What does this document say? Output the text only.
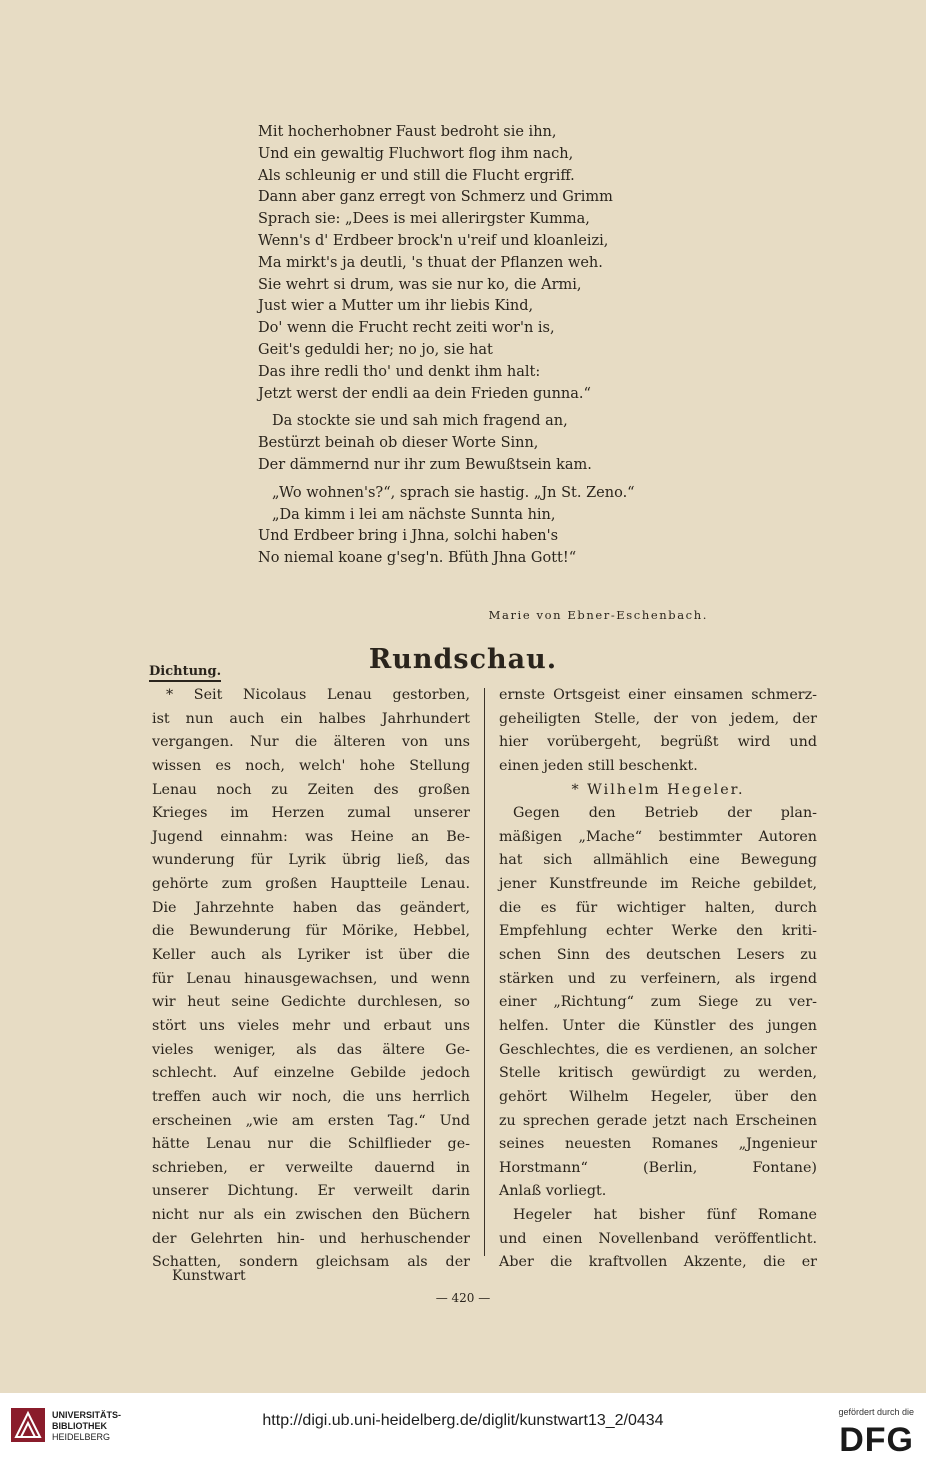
Mit hocherhobner Faust bedroht sie ihn,
Und ein gewaltig Fluchwort flog ihm nach,
Als schleunig er und still die Flucht ergriff.
Dann aber ganz erregt von Schmerz und Grimm
Sprach sie: „Dees is mei allerirgster Kumma,
Wenn's d' Erdbeer brock'n u'reif und kloanleizi,
Ma mirkt's ja deutli, 's thuat der Pflanzen weh.
Sie wehrt si drum, was sie nur ko, die Armi,
Just wier a Mutter um ihr liebis Kind,
Do' wenn die Frucht recht zeiti wor'n is,
Geit's geduldi her; no jo, sie hat
Das ihre redli tho' und denkt ihm halt:
Jetzt werst der endli aa dein Frieden gunna.“
Da stockte sie und sah mich fragend an,
Bestürzt beinah ob dieser Worte Sinn,
Der dämmernd nur ihr zum Bewußtsein kam.
„Wo wohnen's?“, sprach sie hastig. „Jn St. Zeno.“
„Da kimm i lei am nächste Sunnta hin,
Und Erdbeer bring i Jhna, solchi haben's
No niemal koane g'seg'n. Bfüth Jhna Gott!“
Marie von Ebner-Eschenbach.
Dichtung.	Rundschau.
* Seit Nicolaus Lenau gestorben,
ist nun auch ein halbes Jahrhundert
vergangen. Nur die älteren von uns
wissen es noch, welch' hohe Stellung
Lenau noch zu Zeiten des großen
Krieges im Herzen zumal unserer
Jugend einnahm: was Heine an Be-
wunderung für Lyrik übrig ließ, das
gehörte zum großen Hauptteile Lenau.
Die Jahrzehnte haben das geändert,
die Bewunderung für Mörike, Hebbel,
Keller auch als Lyriker ist über die
für Lenau hinausgewachsen, und wenn
wir heut seine Gedichte durchlesen, so
stört uns vieles mehr und erbaut uns
vieles weniger, als das ältere Ge-
schlecht. Auf einzelne Gebilde jedoch
treffen auch wir noch, die uns herrlich
erscheinen „wie am ersten Tag.“ Und
hätte Lenau nur die Schilflieder ge-
schrieben, er verweilte dauernd in
unserer Dichtung. Er verweilt darin
nicht nur als ein zwischen den Büchern
der Gelehrten hin- und herhuschender
Schatten, sondern gleichsam als der
ernste Ortsgeist einer einsamen schmerz-
geheiligten Stelle, der von jedem, der
hier vorübergeht, begrüßt wird und
einen jeden still beschenkt.
* Wilhelm Hegeler.
Gegen den Betrieb der plan-
mäßigen „Mache“ bestimmter Autoren
hat sich allmählich eine Bewegung
jener Kunstfreunde im Reiche gebildet,
die es für wichtiger halten, durch
Empfehlung echter Werke den kriti-
schen Sinn des deutschen Lesers zu
stärken und zu verfeinern, als irgend
einer „Richtung“ zum Siege zu ver-
helfen. Unter die Künstler des jungen
Geschlechtes, die es verdienen, an solcher
Stelle kritisch gewürdigt zu werden,
gehört Wilhelm Hegeler, über den
zu sprechen gerade jetzt nach Erscheinen
seines neuesten Romanes „Jngenieur
Horstmann“ (Berlin, Fontane)
Anlaß vorliegt.
Hegeler hat bisher fünf Romane
und einen Novellenband veröffentlicht.
Aber die kraftvollen Akzente, die er
Kunstwart
— 420 —
UNIVERSITÄTS-
BIBLIOTHEK
HEIDELBERG
http://digi.ub.uni-heidelberg.de/diglit/kunstwart13_2/0434	gefördert durch die
DFG
